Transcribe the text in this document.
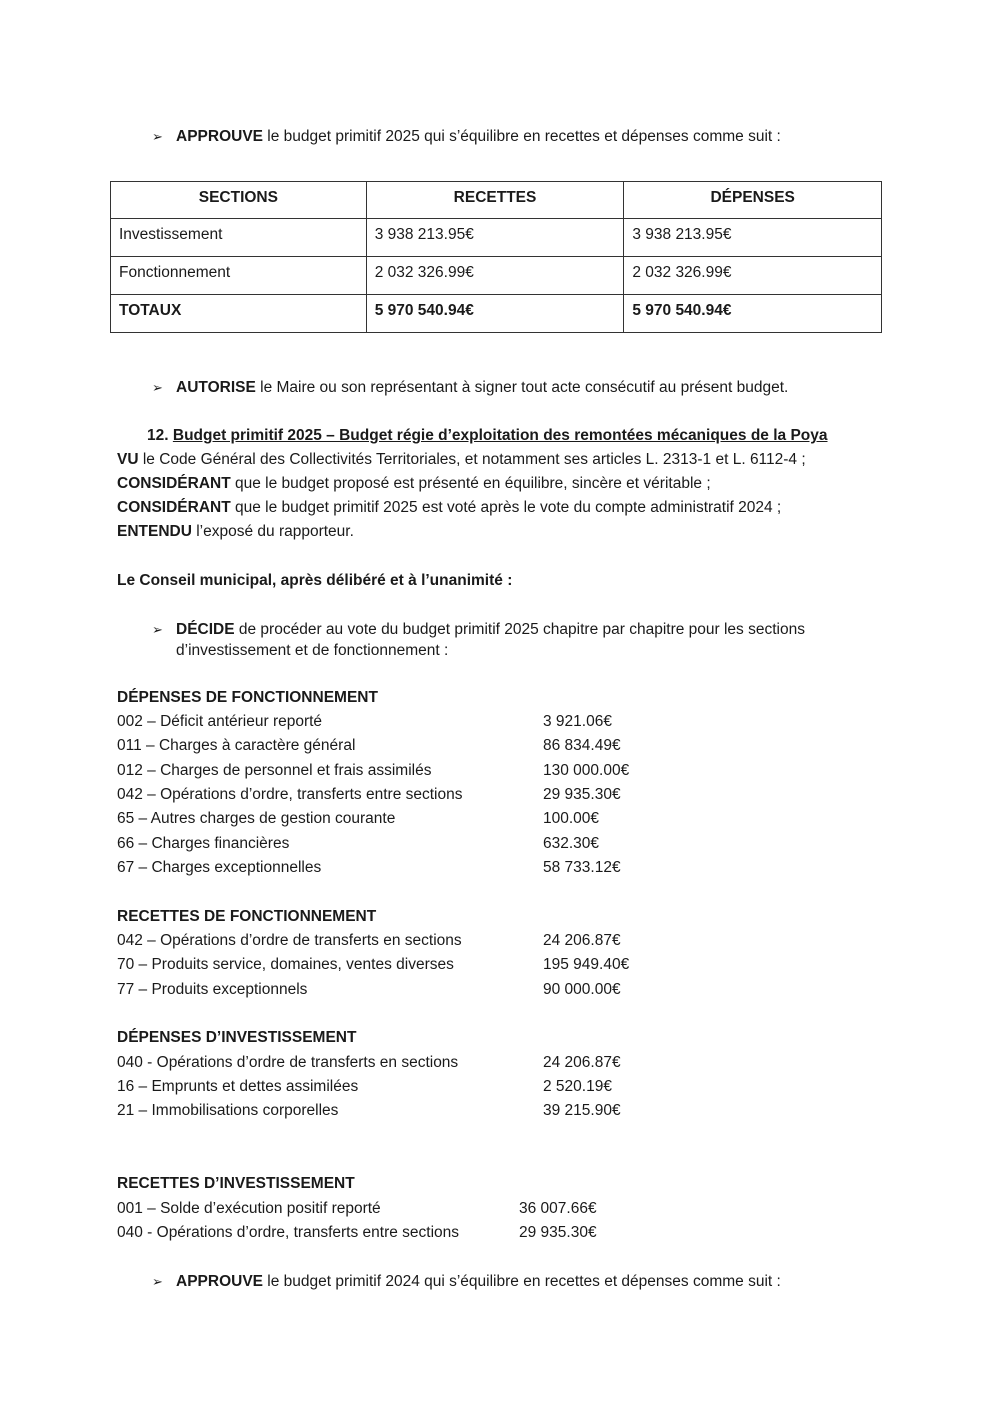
➢ APPROUVE le budget primitif 2025 qui s’équilibre en recettes et dépenses comme suit :
SECTIONS	RECETTES	DÉPENSES
Investissement	3 938 213.95€	3 938 213.95€
Fonctionnement	2 032 326.99€	2 032 326.99€
TOTAUX	5 970 540.94€	5 970 540.94€
➢ AUTORISE le Maire ou son représentant à signer tout acte consécutif au présent budget.
12. Budget primitif 2025 – Budget régie d’exploitation des remontées mécaniques de la Poya
VU le Code Général des Collectivités Territoriales, et notamment ses articles L. 2313-1 et L. 6112-4 ;
CONSIDÉRANT que le budget proposé est présenté en équilibre, sincère et véritable ;
CONSIDÉRANT que le budget primitif 2025 est voté après le vote du compte administratif 2024 ;
ENTENDU l’exposé du rapporteur.
Le Conseil municipal, après délibéré et à l’unanimité :
➢ DÉCIDE de procéder au vote du budget primitif 2025 chapitre par chapitre pour les sections
d’investissement et de fonctionnement :
DÉPENSES DE FONCTIONNEMENT
002 – Déficit antérieur reporté	3 921.06€
011 – Charges à caractère général	86 834.49€
012 – Charges de personnel et frais assimilés	130 000.00€
042 – Opérations d’ordre, transferts entre sections	29 935.30€
65 – Autres charges de gestion courante	100.00€
66 – Charges financières	632.30€
67 – Charges exceptionnelles	58 733.12€
RECETTES DE FONCTIONNEMENT
042 – Opérations d’ordre de transferts en sections	24 206.87€
70 – Produits service, domaines, ventes diverses	195 949.40€
77 – Produits exceptionnels	90 000.00€
DÉPENSES D’INVESTISSEMENT
040 - Opérations d’ordre de transferts en sections	24 206.87€
16 – Emprunts et dettes assimilées	2 520.19€
21 – Immobilisations corporelles	39 215.90€
RECETTES D’INVESTISSEMENT
001 – Solde d’exécution positif reporté	36 007.66€
040 - Opérations d’ordre, transferts entre sections	29 935.30€
➢ APPROUVE le budget primitif 2024 qui s’équilibre en recettes et dépenses comme suit :
